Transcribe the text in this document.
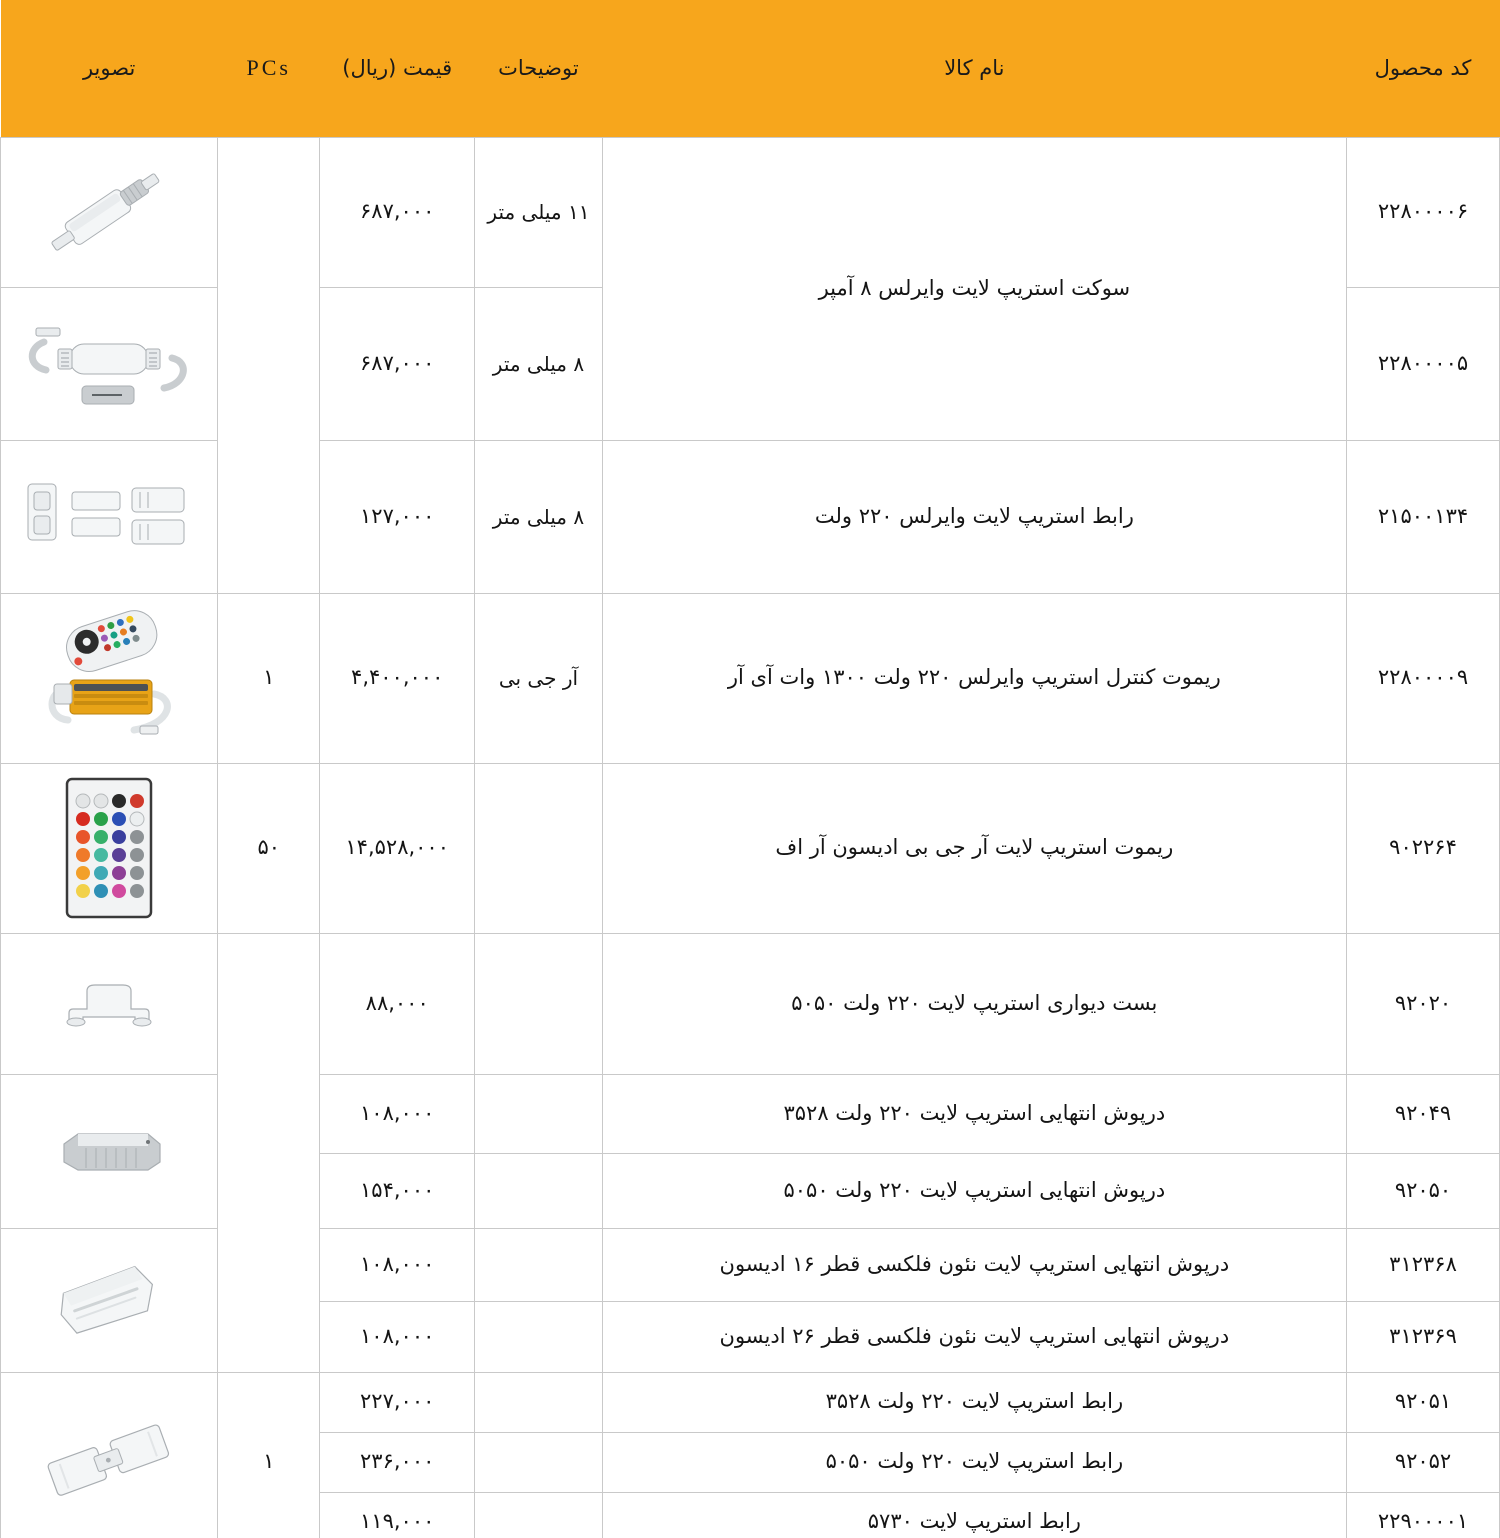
کد محصول	نام کالا	توضیحات	قیمت (ریال)	PCs	تصویر
۲۲۸۰۰۰۰۶	سوکت استریپ لایت وایرلس ۸ آمپر	۱۱ میلی متر	۶۸۷,۰۰۰		

۲۲۸۰۰۰۰۵		۸ میلی متر	۶۸۷,۰۰۰	

۲۱۵۰۰۱۳۴	رابط استریپ لایت وایرلس ۲۲۰ ولت	۸ میلی متر	۱۲۷,۰۰۰	

۲۲۸۰۰۰۰۹	ریموت کنترل استریپ وایرلس ۲۲۰ ولت ۱۳۰۰ وات آی آر	آر جی بی	۴,۴۰۰,۰۰۰	۱	

۹۰۲۲۶۴	ریموت استریپ لایت آر جی بی ادیسون آر اف		۱۴,۵۲۸,۰۰۰	۵۰	

۹۲۰۲۰	بست دیواری استریپ لایت ۲۲۰ ولت ۵۰۵۰		۸۸,۰۰۰		

۹۲۰۴۹	درپوش انتهایی استریپ لایت ۲۲۰ ولت ۳۵۲۸		۱۰۸,۰۰۰	

۹۲۰۵۰	درپوش انتهایی استریپ لایت ۲۲۰ ولت ۵۰۵۰		۱۵۴,۰۰۰		
۳۱۲۳۶۸	درپوش انتهایی استریپ لایت نئون فلکسی قطر ۱۶ ادیسون		۱۰۸,۰۰۰	

۳۱۲۳۶۹	درپوش انتهایی استریپ لایت نئون فلکسی قطر ۲۶ ادیسون		۱۰۸,۰۰۰		
۹۲۰۵۱	رابط استریپ لایت ۲۲۰ ولت ۳۵۲۸		۲۲۷,۰۰۰	۱	

۹۲۰۵۲	رابط استریپ لایت ۲۲۰ ولت ۵۰۵۰		۲۳۶,۰۰۰		
۲۲۹۰۰۰۰۱	رابط استریپ لایت ۵۷۳۰		۱۱۹,۰۰۰		
